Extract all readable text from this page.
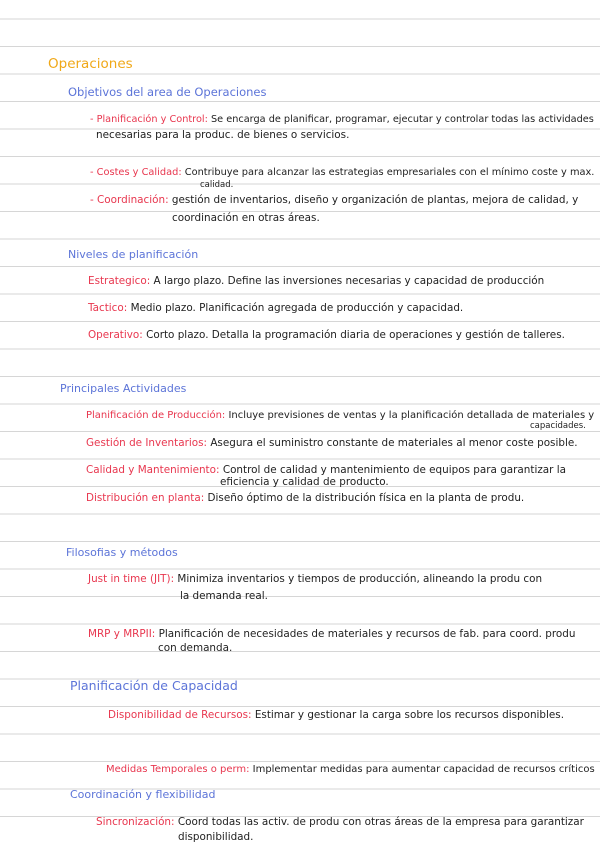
Operaciones
Objetivos del area de Operaciones
- Planificación y Control: Se encarga de planificar, programar, ejecutar y controlar todas las actividades
necesarias para la produc. de bienes o servicios.
- Costes y Calidad: Contribuye para alcanzar las estrategias empresariales con el mínimo coste y max.
calidad.
- Coordinación: gestión de inventarios, diseño y organización de plantas, mejora de calidad, y
coordinación en otras áreas.
Niveles de planificación
Estrategico: A largo plazo. Define las inversiones necesarias y capacidad de producción
Tactico: Medio plazo. Planificación agregada de producción y capacidad.
Operativo: Corto plazo. Detalla la programación diaria de operaciones y gestión de talleres.
Principales Actividades
Planificación de Producción: Incluye previsiones de ventas y la planificación detallada de materiales y
capacidades.
Gestión de Inventarios: Asegura el suministro constante de materiales al menor coste posible.
Calidad y Mantenimiento: Control de calidad y mantenimiento de equipos para garantizar la
eficiencia y calidad de producto.
Distribución en planta: Diseño óptimo de la distribución física en la planta de produ.
Filosofias y métodos
Just in time (JIT): Minimiza inventarios y tiempos de producción, alineando la produ con
la demanda real.
MRP y MRPII: Planificación de necesidades de materiales y recursos de fab. para coord. produ
con demanda.
Planificación de Capacidad
Disponibilidad de Recursos: Estimar y gestionar la carga sobre los recursos disponibles.
Medidas Temporales o perm: Implementar medidas para aumentar capacidad de recursos críticos
Coordinación y flexibilidad
Sincronización: Coord todas las activ. de produ con otras áreas de la empresa para garantizar
disponibilidad.
